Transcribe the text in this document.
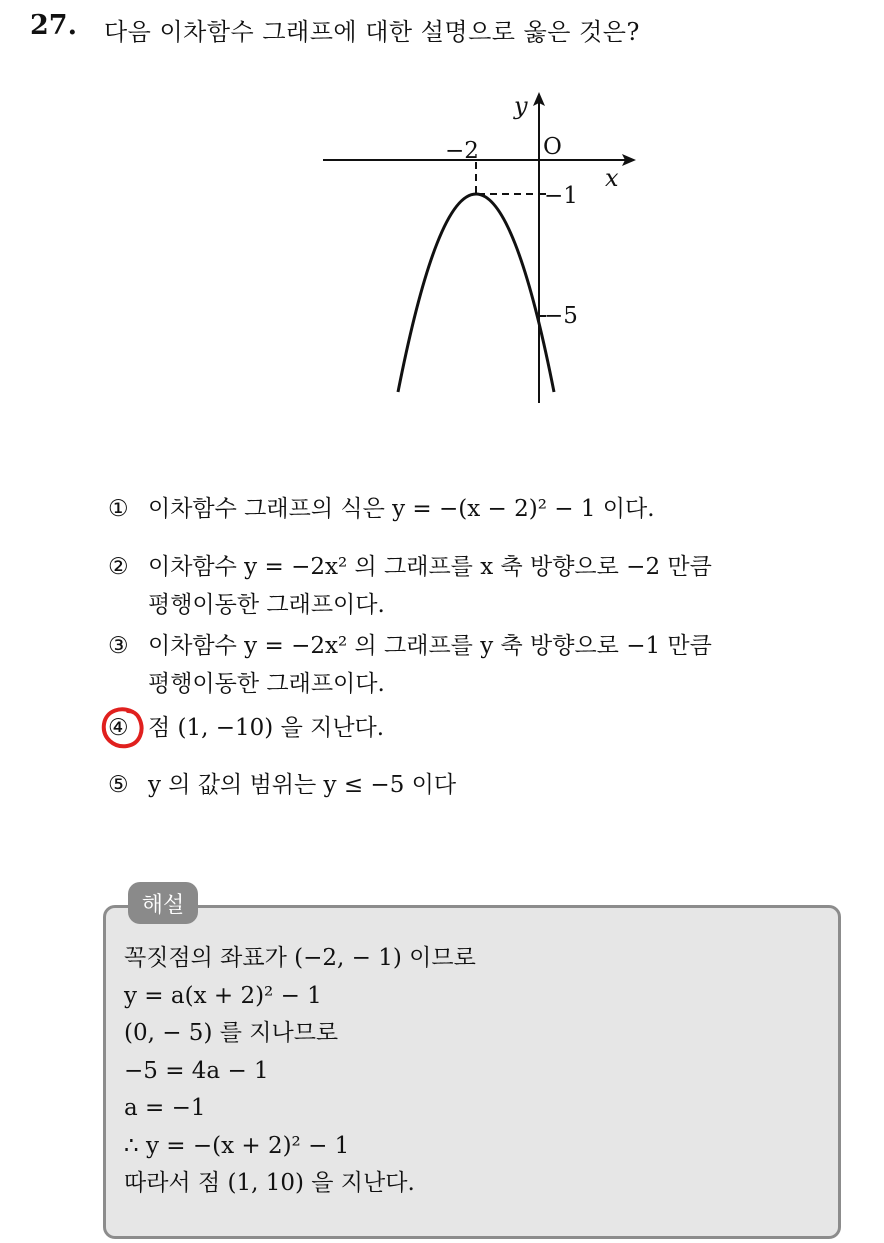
27. 다음 이차함수 그래프에 대한 설명으로 옳은 것은?
y
x
O
−2
−1
−5
① 이차함수 그래프의 식은 y = −(x − 2)² − 1 이다.
② 이차함수 y = −2x² 의 그래프를 x 축 방향으로 −2 만큼
평행이동한 그래프이다.
③ 이차함수 y = −2x² 의 그래프를 y 축 방향으로 −1 만큼
평행이동한 그래프이다.
④ 점 (1, −10) 을 지난다.
⑤ y 의 값의 범위는 y ≤ −5 이다
해설
꼭짓점의 좌표가 (−2, − 1) 이므로
y = a(x + 2)² − 1
(0, − 5) 를 지나므로
−5 = 4a − 1
a = −1
∴ y = −(x + 2)² − 1
따라서 점 (1, 10) 을 지난다.
